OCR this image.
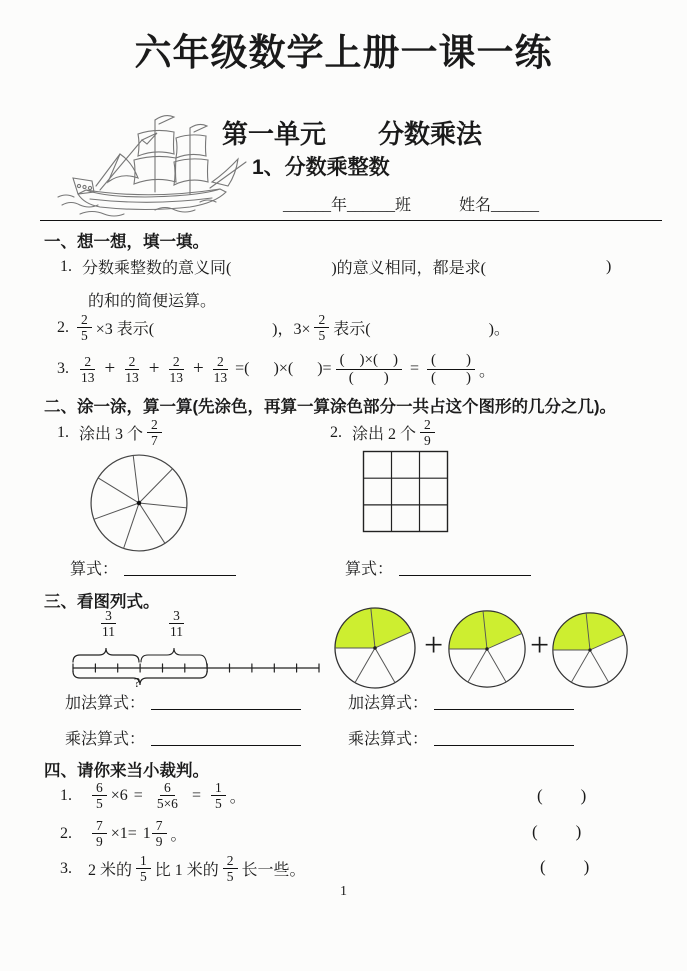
六年级数学上册一课一练
第一单元　　分数乘法
1、分数乘整数
______年______班　　　姓名______
一、想一想，填一填。
1. 分数乘整数的意义同(	)的意义相同，都是求(	)
的和的简便运算。
2. $\frac{2}{5} \times 3$ 表示(	)，$3\times \frac{2}{5}$ 表示(	)。
3. $\frac{2}{13} + \frac{2}{13} + \frac{2}{13} + \frac{2}{13}$ =( )×( )= $\frac{( )\times( )}{( )} = \frac{( )}{( )}$ 。
二、涂一涂，算一算(先涂色，再算一算涂色部分一共占这个图形的几分之几)。
1. 涂出 3 个 $\frac{2}{7}$	2. 涂出 2 个 $\frac{2}{9}$
算式：	算式：
三、看图列式。
$\frac{3}{11}$	$\frac{3}{11}$
?
+	+
加法算式：
乘法算式：
加法算式：
乘法算式：
四、请你来当小裁判。
1. $\frac{6}{5} \times 6 = \frac{6}{5\times 6} = \frac{1}{5}$ 。	( )
2. $\frac{7}{9} \times 1= 1 \frac{7}{9}$ 。	( )
3. 2 米的 $\frac{1}{5}$ 比 1 米的 $\frac{2}{5}$ 长一些。	( )
1
